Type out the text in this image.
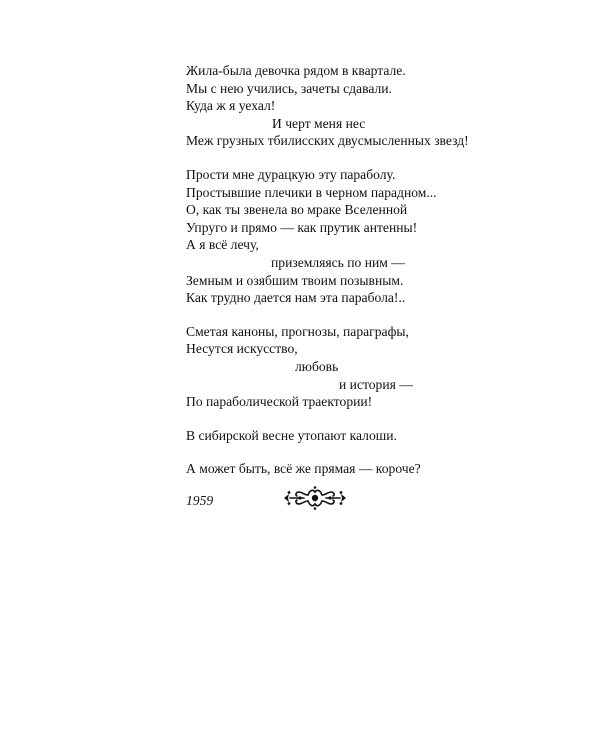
Жила-была девочка рядом в квартале.
Мы с нею учились, зачеты сдавали.
Куда ж я уехал!
И черт меня нес
Меж грузных тбилисских двусмысленных звезд!
Прости мне дурацкую эту параболу.
Простывшие плечики в черном парадном...
О, как ты звенела во мраке Вселенной
Упруго и прямо — как прутик антенны!
А я всё лечу,
приземляясь по ним —
Земным и озябшим твоим позывным.
Как трудно дается нам эта парабола!..
Сметая каноны, прогнозы, параграфы,
Несутся искусство,
любовь
и история —
По параболической траектории!
В сибирской весне утопают калоши.
А может быть, всё же прямая — короче?
1959
